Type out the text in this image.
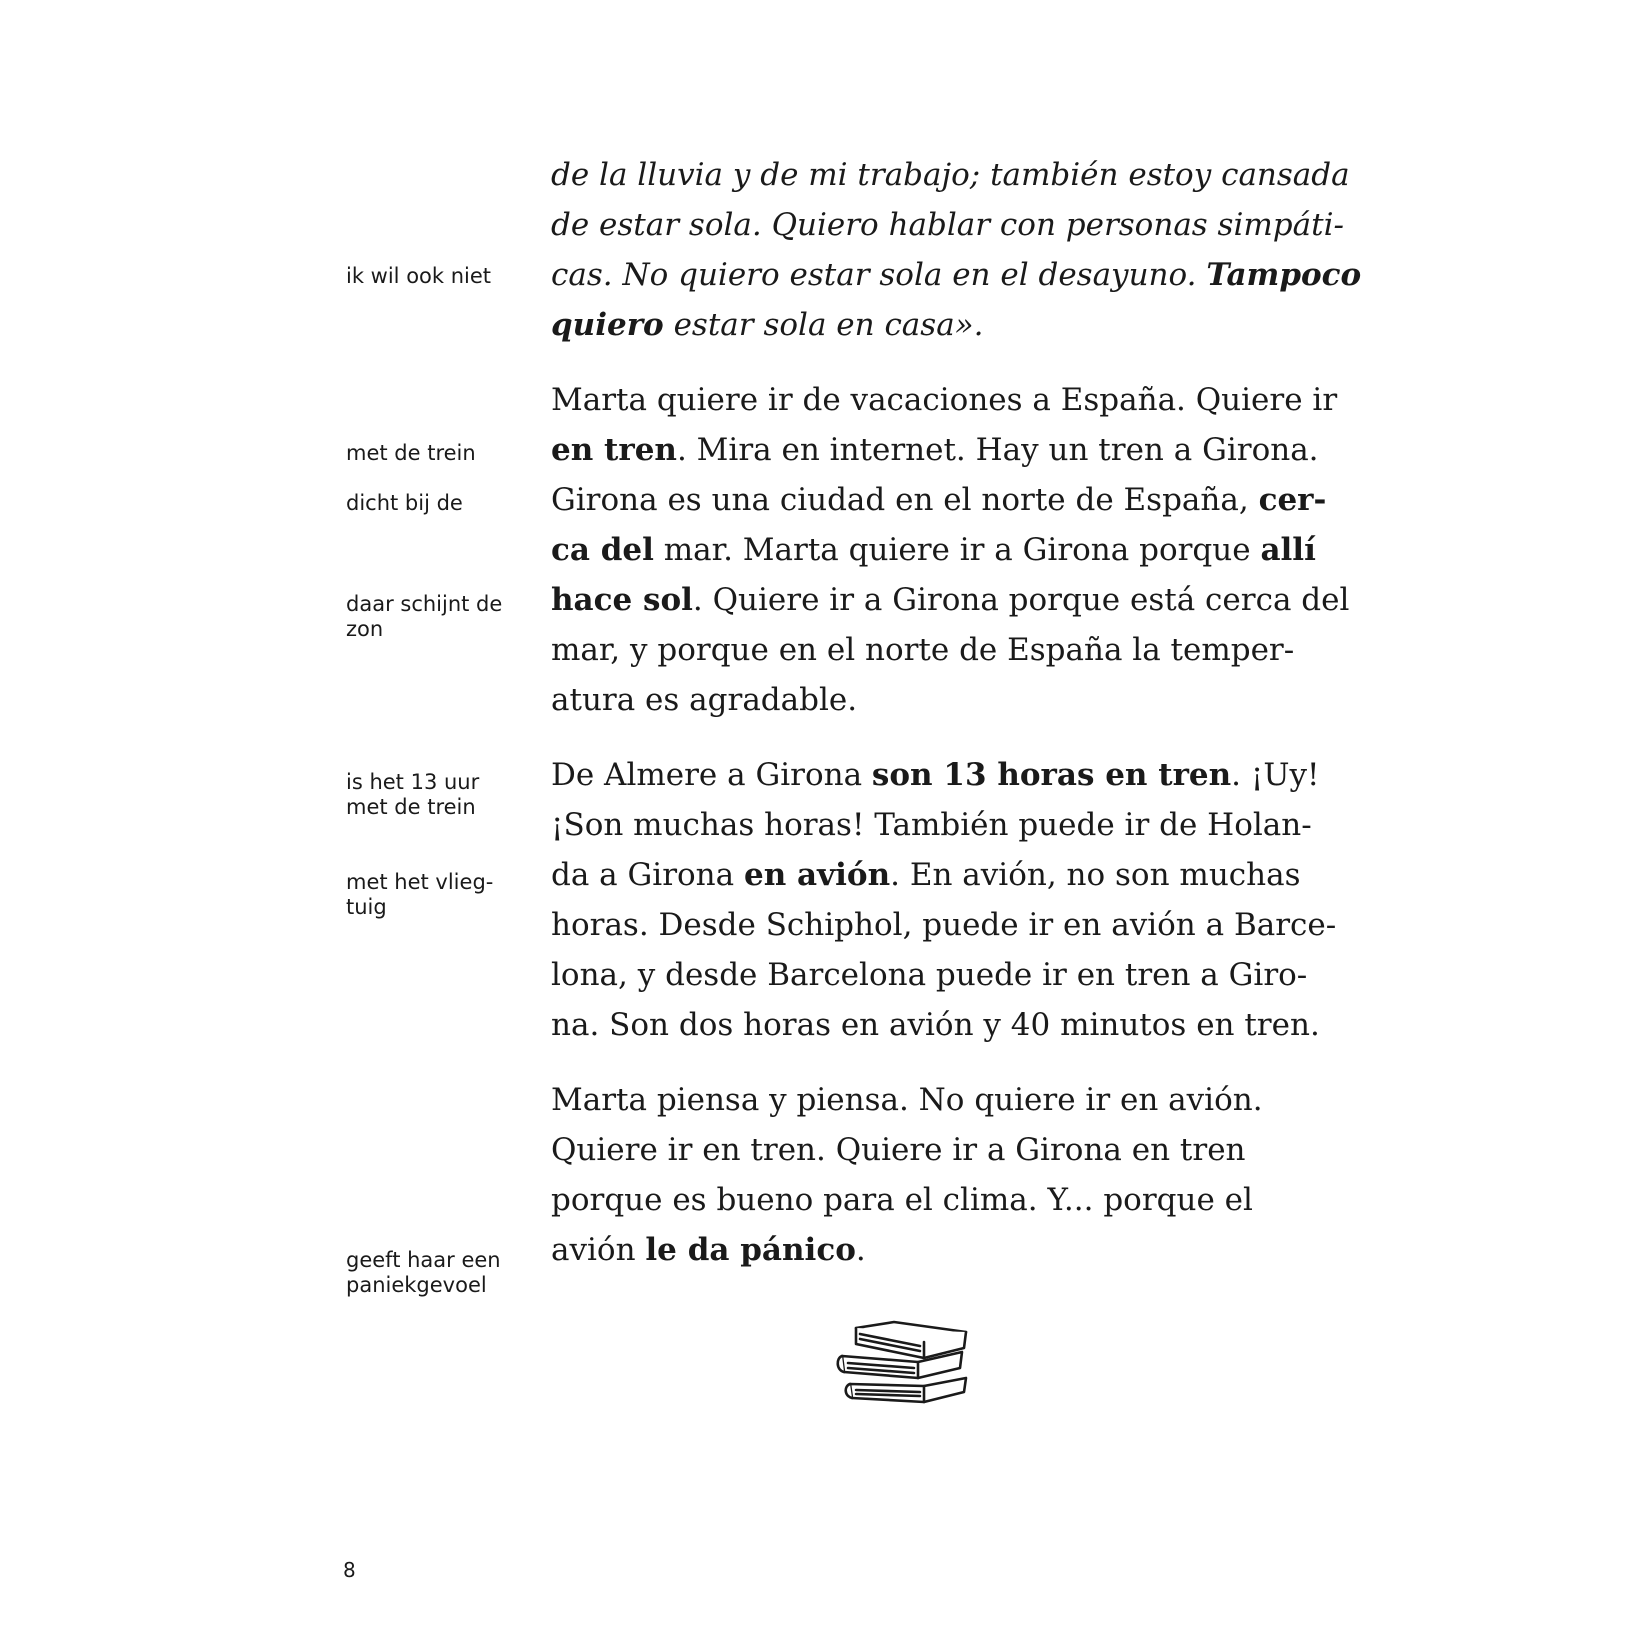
ik wil ook niet
met de trein
dicht bij de
daar schijnt de
zon
is het 13 uur
met de trein
met het vlieg-
tuig
geeft haar een
paniekgevoel
de la lluvia y de mi trabajo; también estoy cansada
de estar sola. Quiero hablar con personas simpáti-
cas. No quiero estar sola en el desayuno. Tampoco
quiero estar sola en casa».
Marta quiere ir de vacaciones a España. Quiere ir
en tren. Mira en internet. Hay un tren a Girona.
Girona es una ciudad en el norte de España, cer-
ca del mar. Marta quiere ir a Girona porque allí
hace sol. Quiere ir a Girona porque está cerca del
mar, y porque en el norte de España la temper-
atura es agradable.
De Almere a Girona son 13 horas en tren. ¡Uy!
¡Son muchas horas! También puede ir de Holan-
da a Girona en avión. En avión, no son muchas
horas. Desde Schiphol, puede ir en avión a Barce-
lona, y desde Barcelona puede ir en tren a Giro-
na. Son dos horas en avión y 40 minutos en tren.
Marta piensa y piensa. No quiere ir en avión.
Quiere ir en tren. Quiere ir a Girona en tren
porque es bueno para el clima. Y... porque el
avión le da pánico.
8
